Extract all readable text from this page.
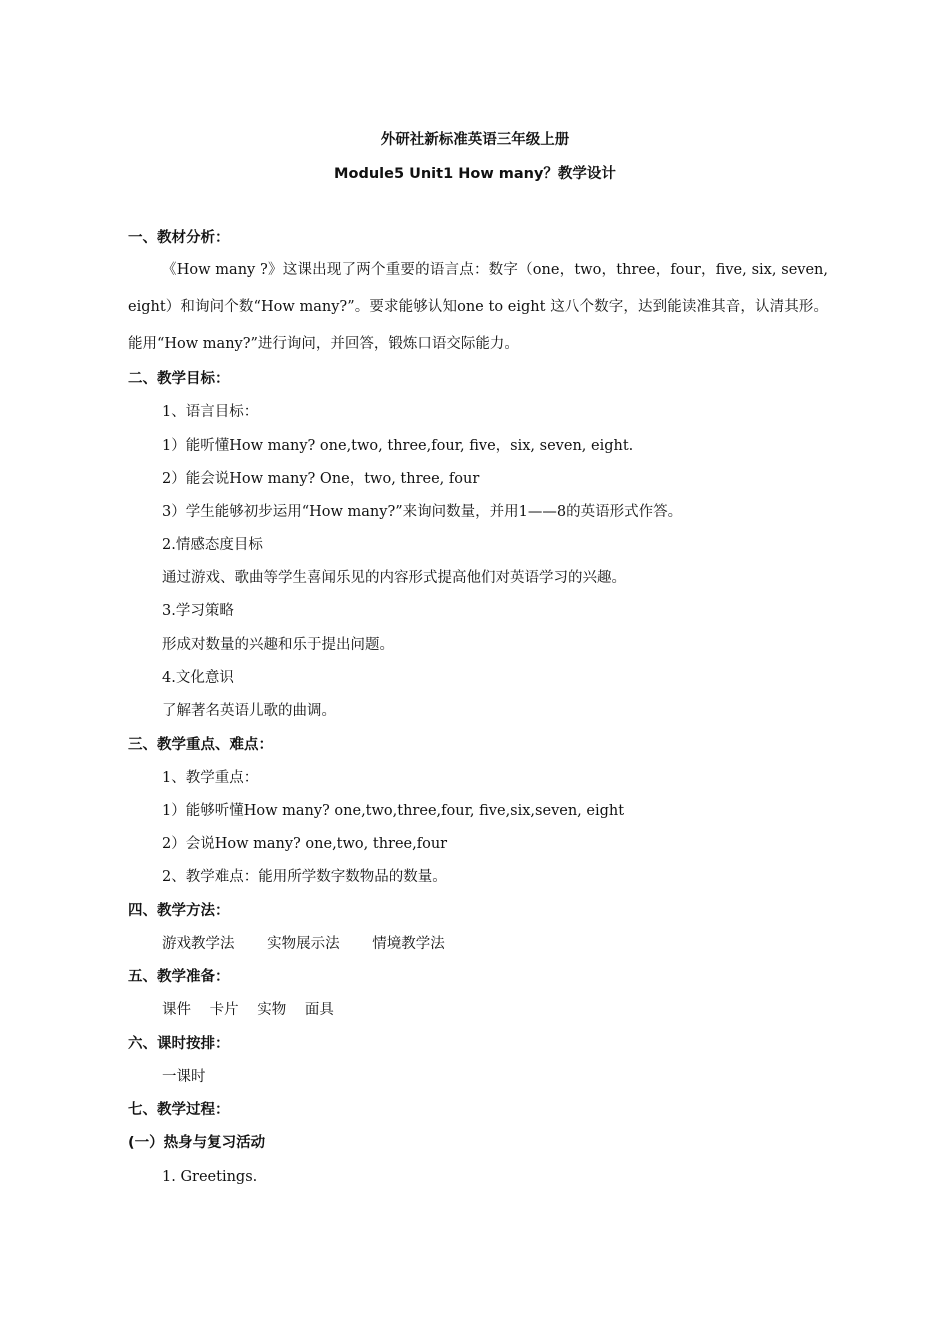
外研社新标准英语三年级上册
Module5 Unit1 How many？教学设计
一、教材分析：
《How many ?》这课出现了两个重要的语言点：数字（one，two，three，four，five, six, seven, eight）和询问个数“How many?”。要求能够认知one to eight 这八个数字，达到能读准其音，认清其形。能用“How many?”进行询问，并回答，锻炼口语交际能力。
二、教学目标：
1、语言目标：
1）能听懂How many? one,two, three,four, five，six, seven, eight.
2）能会说How many? One，two, three, four
3）学生能够初步运用“How many?”来询问数量，并用1——8的英语形式作答。
2.情感态度目标
通过游戏、歌曲等学生喜闻乐见的内容形式提高他们对英语学习的兴趣。
3.学习策略
形成对数量的兴趣和乐于提出问题。
4.文化意识
了解著名英语儿歌的曲调。
三、教学重点、难点：
1、教学重点：
1）能够听懂How many? one,two,three,four, five,six,seven, eight
2）会说How many? one,two, three,four
2、教学难点：能用所学数字数物品的数量。
四、教学方法：
游戏教学法 实物展示法 情境教学法
五、教学准备：
课件 卡片 实物 面具
六、课时按排：
一课时
七、教学过程：
(一）热身与复习活动
1. Greetings.
